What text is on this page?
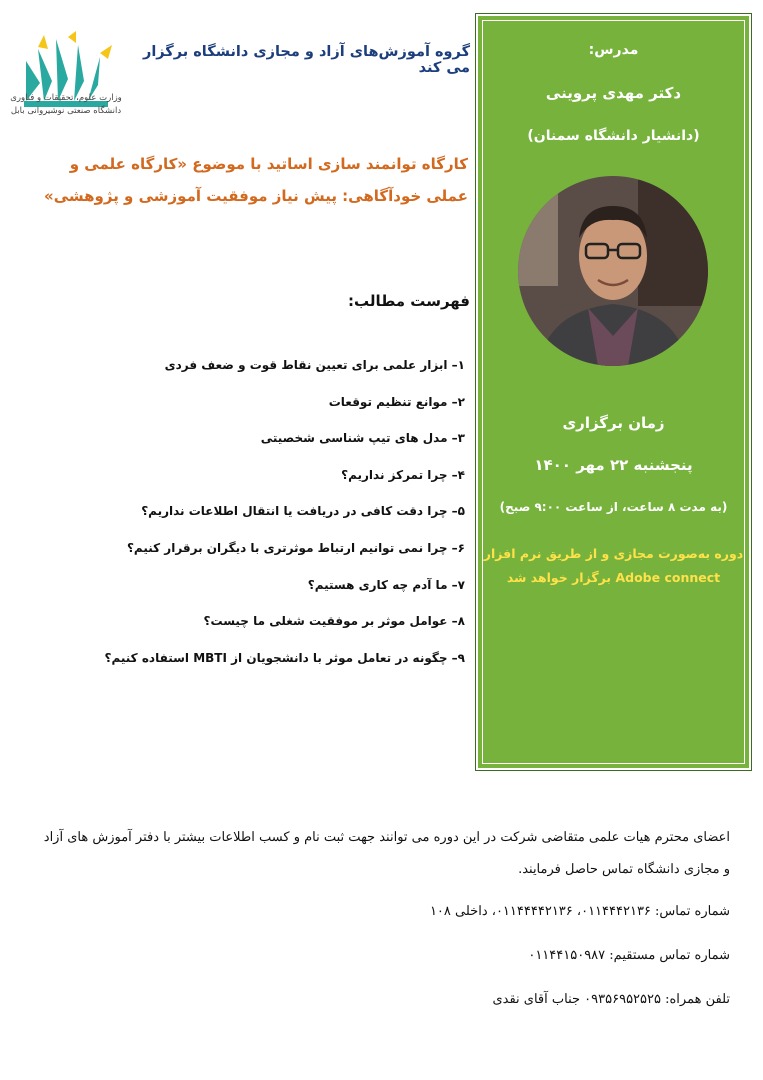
وزارت علوم، تحقیقات و فناوری
دانشگاه صنعتی نوشیروانی بابل
گروه آموزش‌های آزاد و مجازی دانشگاه برگزار می کند
کارگاه توانمند سازی اساتید با موضوع «کارگاه علمی و عملی خودآگاهی: پیش نیاز موفقیت آموزشی و پژوهشی»
فهرست مطالب:
۱– ابزار علمی برای تعیین نقاط قوت و ضعف فردی
۲– موانع تنظیم توقعات
۳– مدل های تیپ شناسی شخصیتی
۴– چرا تمرکز نداریم؟
۵– چرا دقت کافی در دریافت یا انتقال اطلاعات نداریم؟
۶– چرا نمی توانیم ارتباط موثرتری با دیگران برقرار کنیم؟
۷– ما آدم چه کاری هستیم؟
۸– عوامل موثر بر موفقیت شغلی ما چیست؟
۹– چگونه در تعامل موثر با دانشجویان از MBTI استفاده کنیم؟
مدرس:
دکتر مهدی پروینی
(دانشیار دانشگاه سمنان)
زمان برگزاری
پنجشنبه ۲۲ مهر ۱۴۰۰
(به مدت ۸ ساعت، از ساعت ۹:۰۰ صبح)
دوره به‌صورت مجازی و از طریق نرم افزار
Adobe connect برگزار خواهد شد

اعضای محترم هیات علمی متقاضی شرکت در این دوره می توانند جهت ثبت نام و کسب اطلاعات بیشتر با دفتر آموزش های آزاد و مجازی دانشگاه تماس حاصل فرمایند.

شماره تماس: ۰۱۱۴۴۴۲۱۳۶، ۰۱۱۴۴۴۴۲۱۳۶، داخلی ۱۰۸

شماره تماس مستقیم: ۰۱۱۴۴۱۵۰۹۸۷

تلفن همراه: ۰۹۳۵۶۹۵۲۵۲۵ جناب آقای نقدی
